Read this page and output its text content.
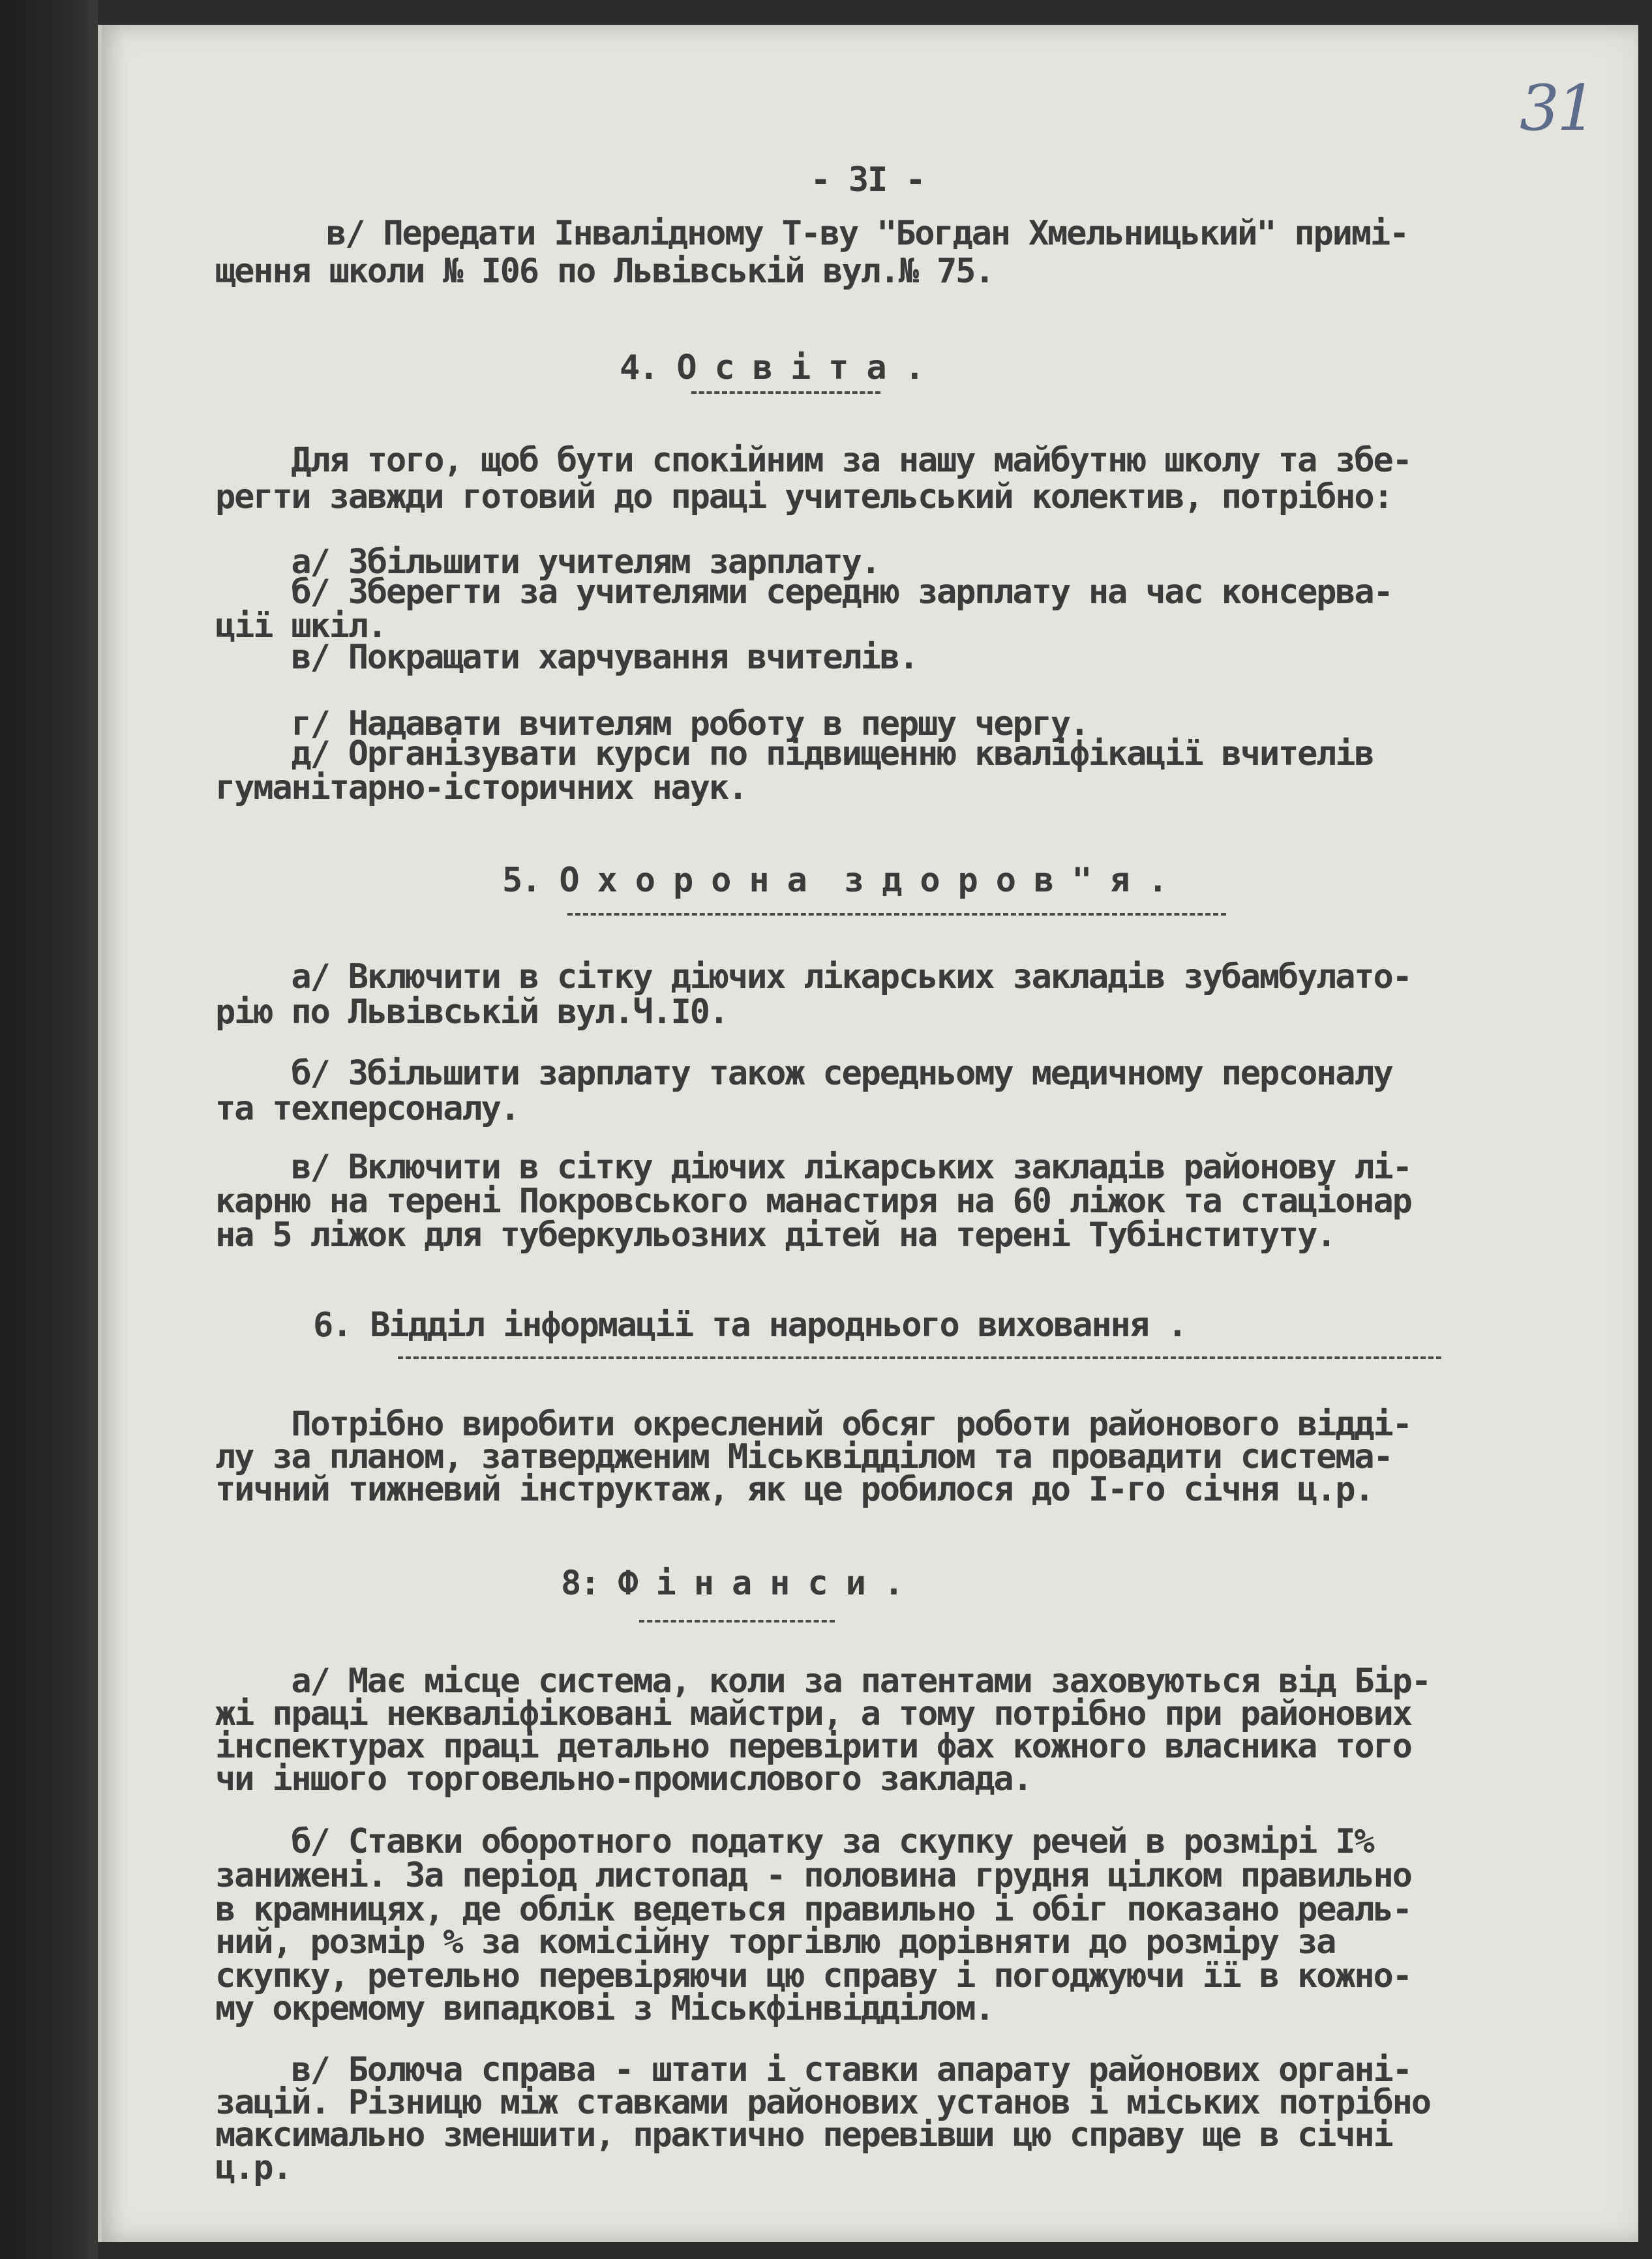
31

- 3I -

в/ Передати Інвалідному Т-ву "Богдан Хмельницький" примі-

щення школи № І06 по Львівській вул.№ 75.

4. О с в і т а .

Для того, щоб бути спокійним за нашу майбутню школу та збе-

регти завжди готовий до праці учительський колектив, потрібно:

а/ Збільшити учителям зарплату.

б/ Зберегти за учителями середню зарплату на час консерва-

ції шкіл.

в/ Покращати харчування вчителів.

г/ Надавати вчителям роботу в першу чергу.

д/ Організувати курси по підвищенню кваліфікації вчителів

гуманітарно-історичних наук.

5. О х о р о н а  з д о р о в " я .

а/ Включити в сітку діючих лікарських закладів зубамбулато-

рію по Львівській вул.Ч.І0.

б/ Збільшити зарплату також середньому медичному персоналу

та техперсоналу.

в/ Включити в сітку діючих лікарських закладів районову лі-

карню на терені Покровського манастиря на 60 ліжок та стаціонар

на 5 ліжок для туберкульозних дітей на терені Тубінституту.

6. Відділ інформації та народнього виховання .

Потрібно виробити окреслений обсяг роботи районового відді-

лу за планом, затвердженим Міськвідділом та провадити система-

тичний тижневий інструктаж, як це робилося до І-го січня ц.р.

8: Ф і н а н с и .

а/ Має місце система, коли за патентами заховуються від Бір-

жі праці некваліфіковані майстри, а тому потрібно при районових

інспектурах праці детально перевірити фах кожного власника того

чи іншого торговельно-промислового заклада.

б/ Ставки оборотного податку за скупку речей в розмірі І%

занижені. За період листопад - половина грудня цілком правильно

в крамницях, де облік ведеться правильно і обіг показано реаль-

ний, розмір % за комісійну торгівлю дорівняти до розміру за

скупку, ретельно перевіряючи цю справу і погоджуючи її в кожно-

му окремому випадкові з Міськфінвідділом.

в/ Болюча справа - штати і ставки апарату районових органі-

зацій. Різницю між ставками районових установ і міських потрібно

максимально зменшити, практично перевівши цю справу ще в січні

ц.р.
